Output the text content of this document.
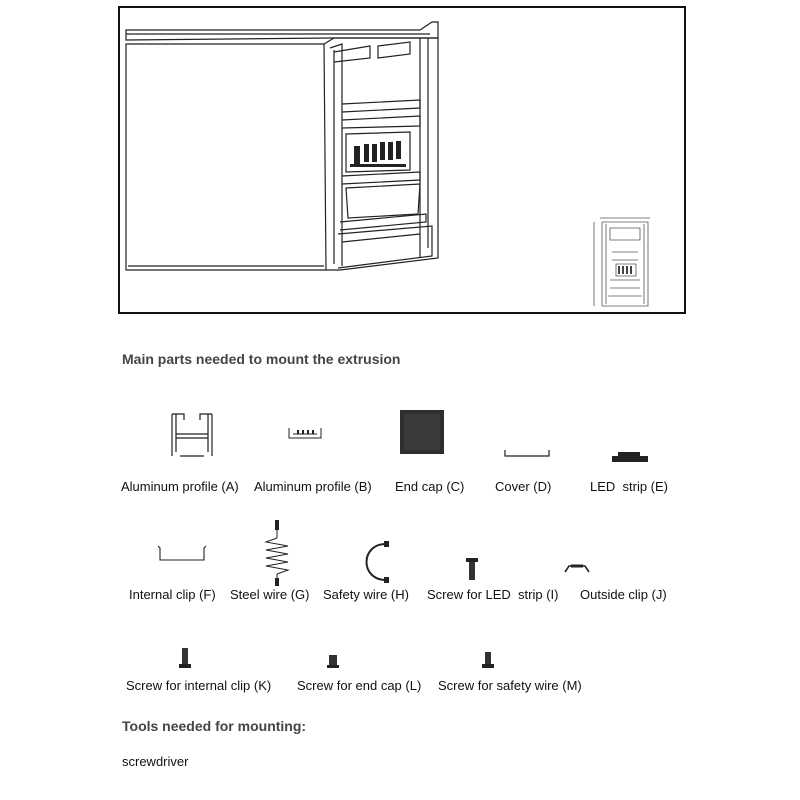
Main parts needed to mount the extrusion
Aluminum profile (A) Aluminum profile (B) End cap (C) Cover (D)	LED  strip (E)
Internal clip (F) Steel wire (G) Safety wire (H) Screw for LED  strip (I) Outside clip (J)
Screw for internal clip (K) Screw for end cap (L) Screw for safety wire (M)
Tools needed for mounting:
screwdriver
